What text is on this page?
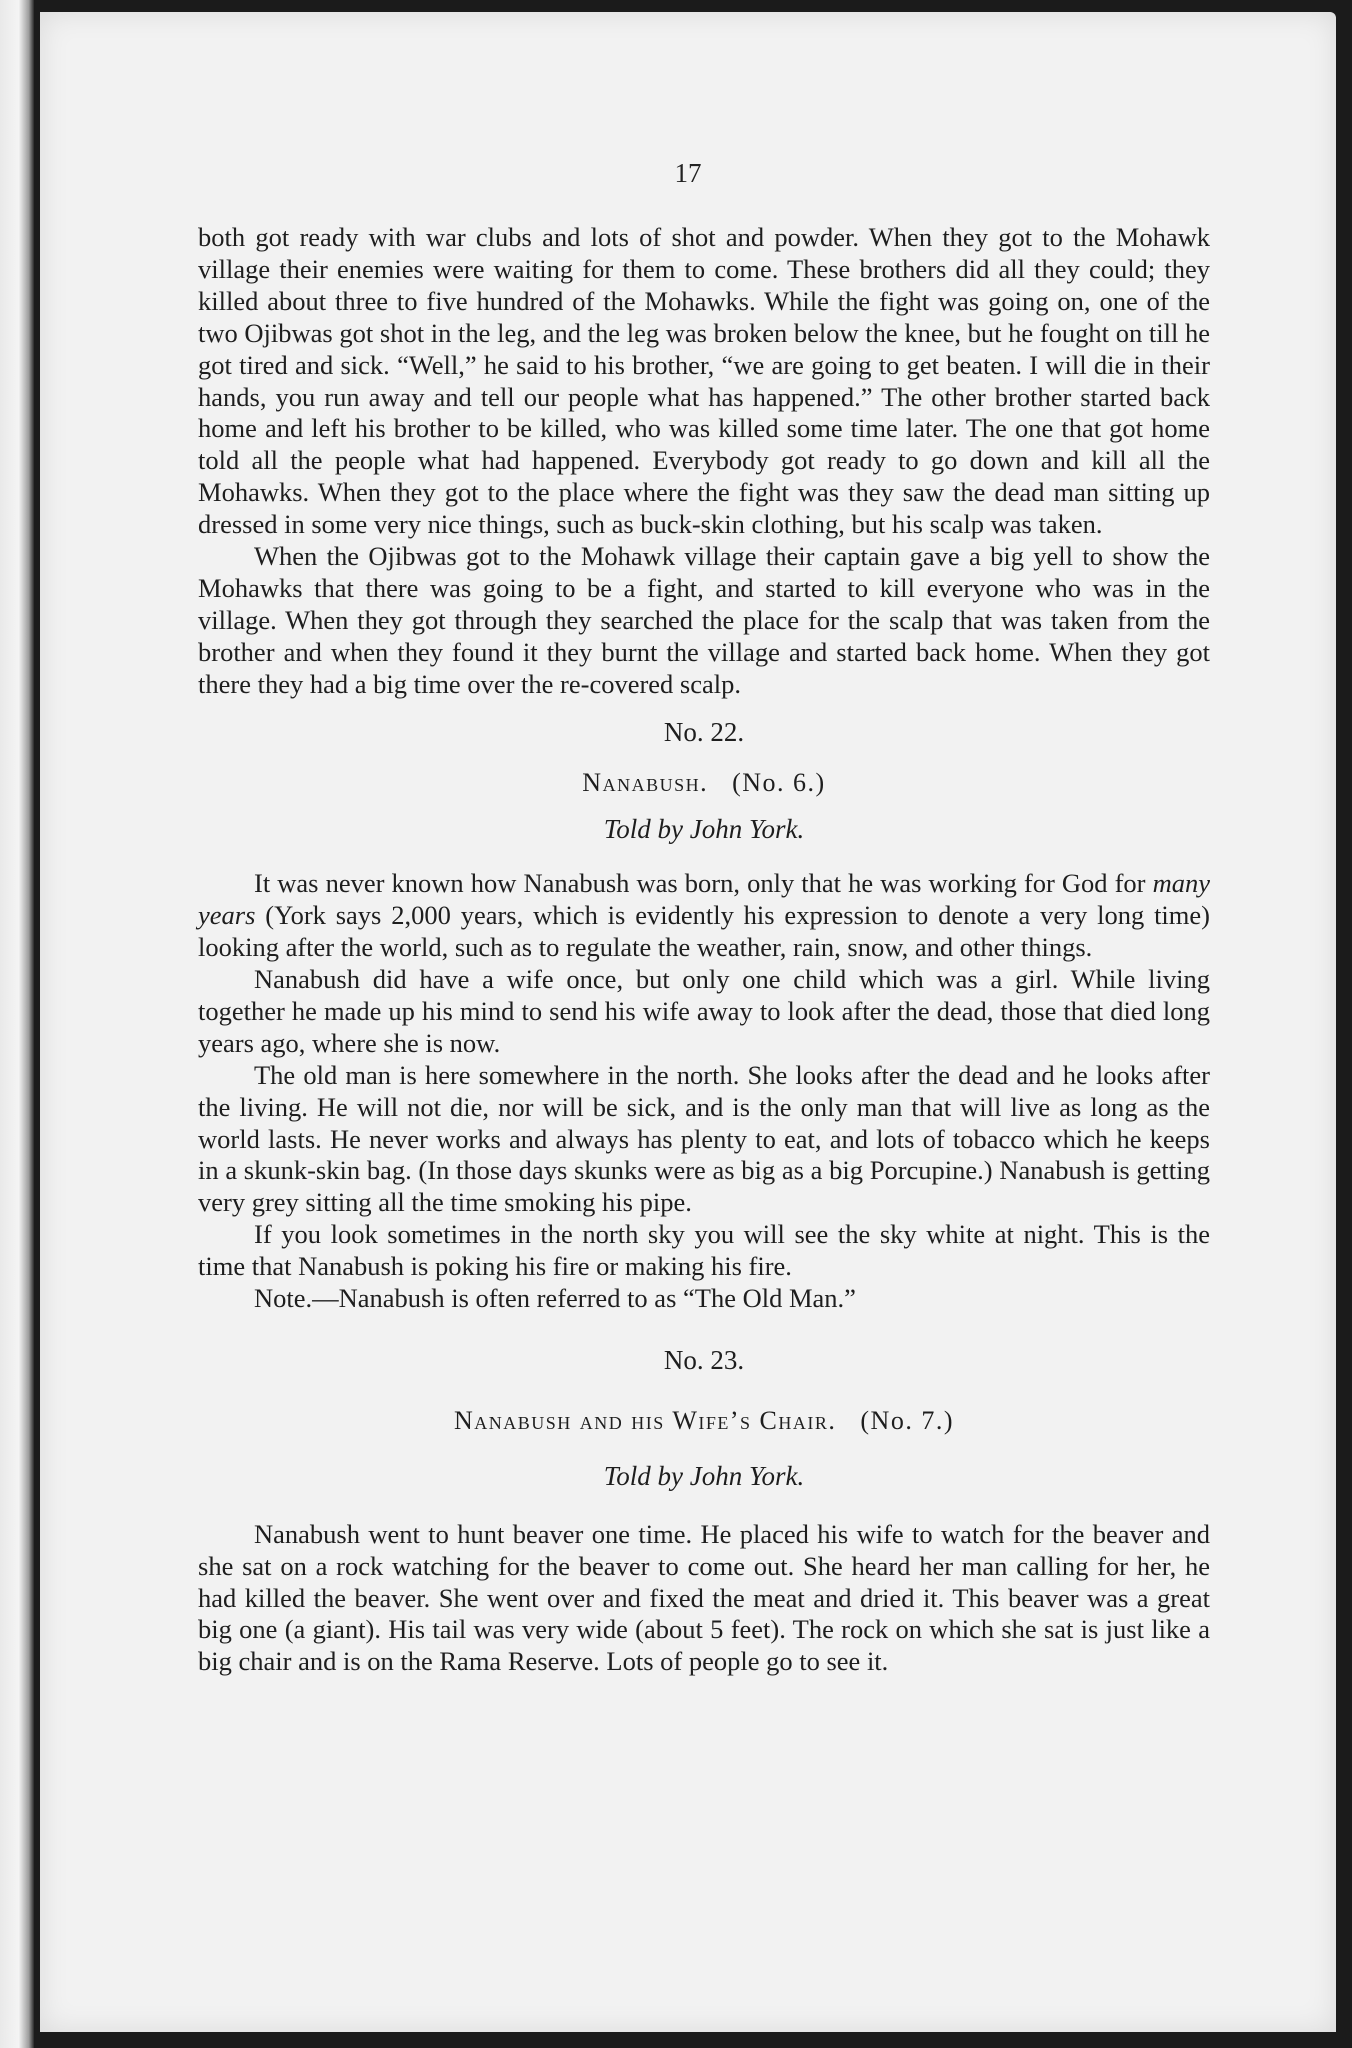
17

both got ready with war clubs and lots of shot and powder. When they got to the Mohawk village their enemies were waiting for them to come. These brothers did all they could; they killed about three to five hundred of the Mohawks. While the fight was going on, one of the two Ojibwas got shot in the leg, and the leg was broken below the knee, but he fought on till he got tired and sick. “Well,” he said to his brother, “we are going to get beaten. I will die in their hands, you run away and tell our people what has happened.” The other brother started back home and left his brother to be killed, who was killed some time later. The one that got home told all the people what had happened. Everybody got ready to go down and kill all the Mohawks. When they got to the place where the fight was they saw the dead man sitting up dressed in some very nice things, such as buck-skin clothing, but his scalp was taken.

When the Ojibwas got to the Mohawk village their captain gave a big yell to show the Mohawks that there was going to be a fight, and started to kill everyone who was in the village. When they got through they searched the place for the scalp that was taken from the brother and when they found it they burnt the village and started back home. When they got there they had a big time over the re-covered scalp.

No. 22.
Nanabush. (No. 6.)
Told by John York.

It was never known how Nanabush was born, only that he was working for God for many years (York says 2,000 years, which is evidently his expression to denote a very long time) looking after the world, such as to regulate the weather, rain, snow, and other things.

Nanabush did have a wife once, but only one child which was a girl. While living together he made up his mind to send his wife away to look after the dead, those that died long years ago, where she is now.

The old man is here somewhere in the north. She looks after the dead and he looks after the living. He will not die, nor will be sick, and is the only man that will live as long as the world lasts. He never works and always has plenty to eat, and lots of tobacco which he keeps in a skunk-skin bag. (In those days skunks were as big as a big Porcupine.) Nanabush is getting very grey sitting all the time smoking his pipe.

If you look sometimes in the north sky you will see the sky white at night. This is the time that Nanabush is poking his fire or making his fire.

Note.—Nanabush is often referred to as “The Old Man.”

No. 23.
Nanabush and his Wife’s Chair. (No. 7.)
Told by John York.

Nanabush went to hunt beaver one time. He placed his wife to watch for the beaver and she sat on a rock watching for the beaver to come out. She heard her man calling for her, he had killed the beaver. She went over and fixed the meat and dried it. This beaver was a great big one (a giant). His tail was very wide (about 5 feet). The rock on which she sat is just like a big chair and is on the Rama Reserve. Lots of people go to see it.
